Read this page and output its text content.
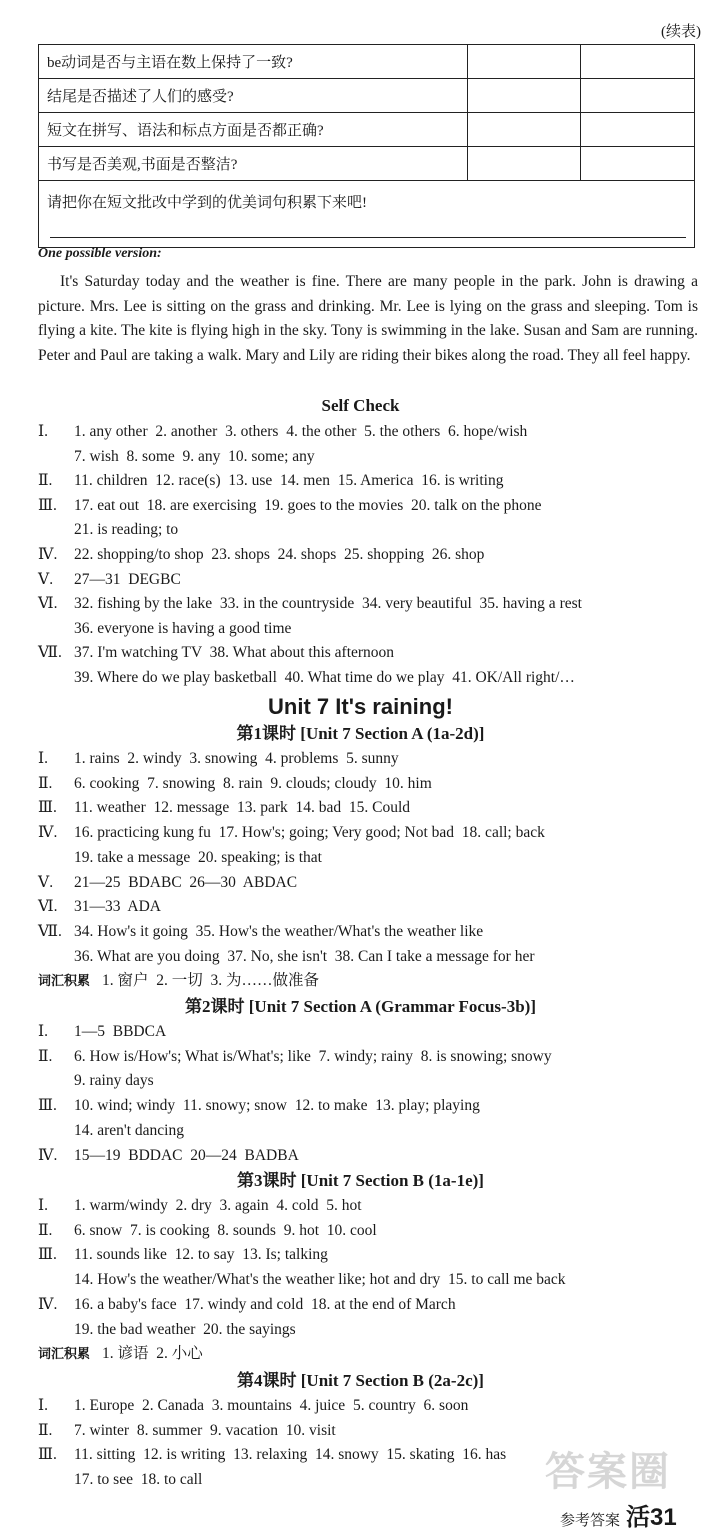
(续表)
be动词是否与主语在数上保持了一致?		
结尾是否描述了人们的感受?		
短文在拼写、语法和标点方面是否都正确?		
书写是否美观,书面是否整洁?		
请把你在短文批改中学到的优美词句积累下来吧!		
One possible version:
It's Saturday today and the weather is fine. There are many people in the park. John is drawing a picture. Mrs. Lee is sitting on the grass and drinking. Mr. Lee is lying on the grass and sleeping. Tom is flying a kite. The kite is flying high in the sky. Tony is swimming in the lake. Susan and Sam are running. Peter and Paul are taking a walk. Mary and Lily are riding their bikes along the road. They all feel happy.
Self Check
Ⅰ. 1. any other  2. another  3. others  4. the other  5. the others  6. hope/wish
7. wish  8. some  9. any  10. some; any
Ⅱ. 11. children  12. race(s)  13. use  14. men  15. America  16. is writing
Ⅲ. 17. eat out  18. are exercising  19. goes to the movies  20. talk on the phone
21. is reading; to
Ⅳ. 22. shopping/to shop  23. shops  24. shops  25. shopping  26. shop
Ⅴ. 27—31  DEGBC
Ⅵ. 32. fishing by the lake  33. in the countryside  34. very beautiful  35. having a rest
36. everyone is having a good time
Ⅶ. 37. I'm watching TV  38. What about this afternoon
39. Where do we play basketball  40. What time do we play  41. OK/All right/…
Unit 7 It's raining!
第1课时 [Unit 7 Section A (1a-2d)]
Ⅰ. 1. rains  2. windy  3. snowing  4. problems  5. sunny
Ⅱ. 6. cooking  7. snowing  8. rain  9. clouds; cloudy  10. him
Ⅲ. 11. weather  12. message  13. park  14. bad  15. Could
Ⅳ. 16. practicing kung fu  17. How's; going; Very good; Not bad  18. call; back
19. take a message  20. speaking; is that
Ⅴ. 21—25  BDABC  26—30  ABDAC
Ⅵ. 31—33  ADA
Ⅶ. 34. How's it going  35. How's the weather/What's the weather like
36. What are you doing  37. No, she isn't  38. Can I take a message for her
词汇积累 1. 窗户  2. 一切  3. 为……做准备
第2课时 [Unit 7 Section A (Grammar Focus-3b)]
Ⅰ. 1—5  BBDCA
Ⅱ. 6. How is/How's; What is/What's; like  7. windy; rainy  8. is snowing; snowy
9. rainy days
Ⅲ. 10. wind; windy  11. snowy; snow  12. to make  13. play; playing
14. aren't dancing
Ⅳ. 15—19  BDDAC  20—24  BADBA
第3课时 [Unit 7 Section B (1a-1e)]
Ⅰ. 1. warm/windy  2. dry  3. again  4. cold  5. hot
Ⅱ. 6. snow  7. is cooking  8. sounds  9. hot  10. cool
Ⅲ. 11. sounds like  12. to say  13. Is; talking
14. How's the weather/What's the weather like; hot and dry  15. to call me back
Ⅳ. 16. a baby's face  17. windy and cold  18. at the end of March
19. the bad weather  20. the sayings
词汇积累 1. 谚语  2. 小心
第4课时 [Unit 7 Section B (2a-2c)]
Ⅰ. 1. Europe  2. Canada  3. mountains  4. juice  5. country  6. soon
Ⅱ. 7. winter  8. summer  9. vacation  10. visit
Ⅲ. 11. sitting  12. is writing  13. relaxing  14. snowy  15. skating  16. has
17. to see  18. to call	答案圈
参考答案 活31
